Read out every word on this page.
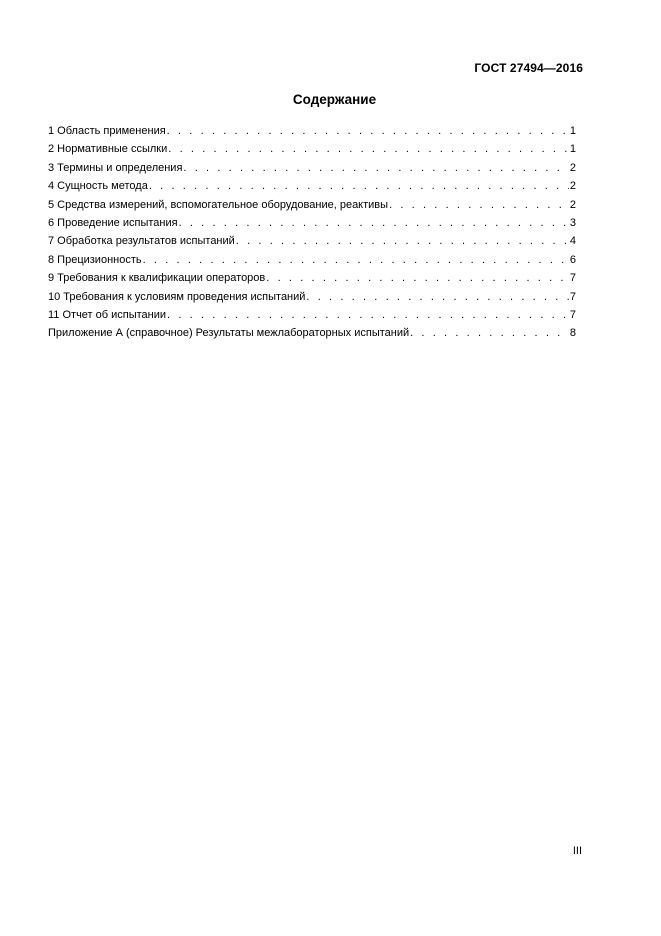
ГОСТ 27494—2016
Содержание
1 Область применения . . .	1
2 Нормативные ссылки . . .	1
3 Термины и определения . . .	2
4 Сущность метода . . .	2
5 Средства измерений, вспомогательное оборудование, реактивы . . .	2
6 Проведение испытания . . .	3
7 Обработка результатов испытаний . . .	4
8 Прецизионность . . .	6
9 Требования к квалификации операторов . . .	7
10 Требования к условиям проведения испытаний . . .	7
11 Отчет об испытании . . .	7
Приложение А (справочное) Результаты межлабораторных испытаний . . .	8
III
